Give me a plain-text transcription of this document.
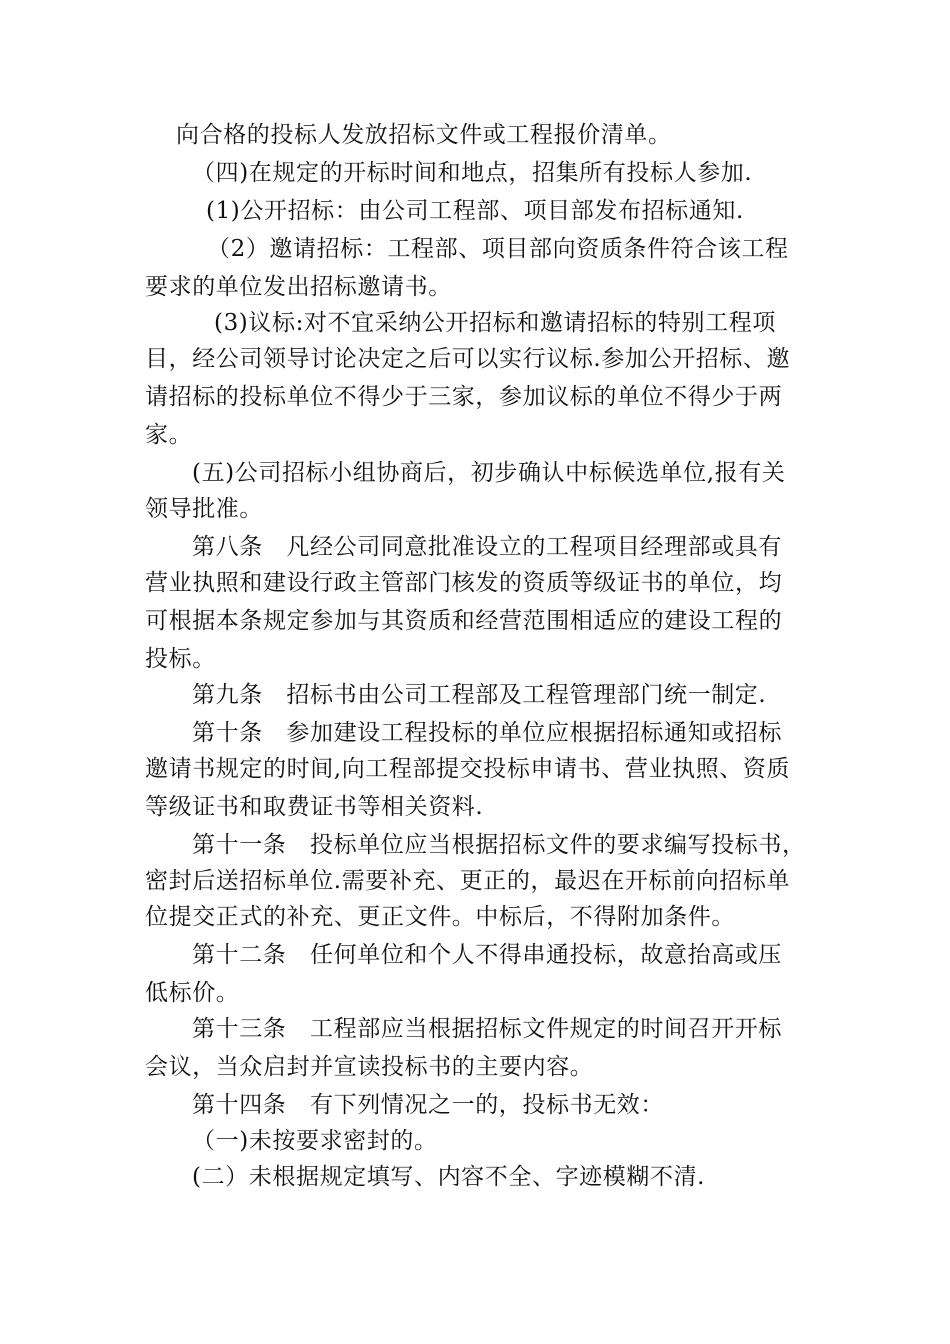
向合格的投标人发放招标文件或工程报价清单。
（四)在规定的开标时间和地点，招集所有投标人参加.
(1)公开招标：由公司工程部、项目部发布招标通知.
（2）邀请招标：工程部、项目部向资质条件符合该工程
要求的单位发出招标邀请书。
(3)议标:对不宜采纳公开招标和邀请招标的特别工程项
目，经公司领导讨论决定之后可以实行议标.参加公开招标、邀
请招标的投标单位不得少于三家，参加议标的单位不得少于两
家。
(五)公司招标小组协商后，初步确认中标候选单位,报有关
领导批准。
第八条　凡经公司同意批准设立的工程项目经理部或具有
营业执照和建设行政主管部门核发的资质等级证书的单位，均
可根据本条规定参加与其资质和经营范围相适应的建设工程的
投标。
第九条　招标书由公司工程部及工程管理部门统一制定.
第十条　参加建设工程投标的单位应根据招标通知或招标
邀请书规定的时间,向工程部提交投标申请书、营业执照、资质
等级证书和取费证书等相关资料.
第十一条　投标单位应当根据招标文件的要求编写投标书，
密封后送招标单位.需要补充、更正的，最迟在开标前向招标单
位提交正式的补充、更正文件。中标后，不得附加条件。
第十二条　任何单位和个人不得串通投标，故意抬高或压
低标价。
第十三条　工程部应当根据招标文件规定的时间召开开标
会议，当众启封并宣读投标书的主要内容。
第十四条　有下列情况之一的，投标书无效：
（一)未按要求密封的。
(二）未根据规定填写、内容不全、字迹模糊不清.
